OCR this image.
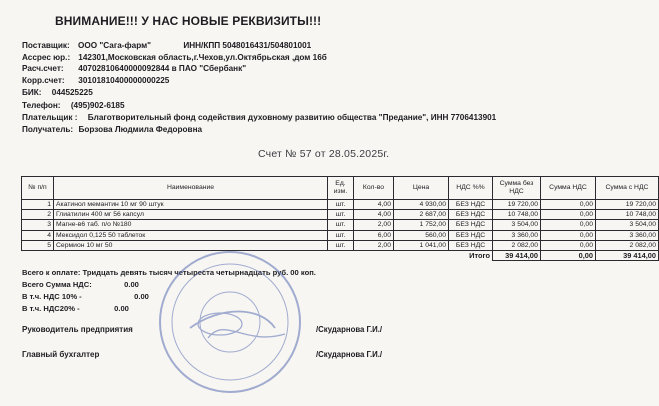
ВНИМАНИЕ!!! У НАС НОВЫЕ РЕКВИЗИТЫ!!!
Поставщик: ООО "Сага-фарм"	ИНН/КПП 5048016431/504801001
Ассрес юр.: 142301,Московская область,г.Чехов,ул.Октябрьская ,дом 16б
Расч.счет: 40702810640000092844 в ПАО "Сбербанк"
Корр.счет: 30101810400000000225
БИК: 044525225
Телефон: (495)902-6185
Плательщик : Благотворительный фонд содействия духовному развитию общества "Предание", ИНН 7706413901
Получатель: Борзова Людмила Федоровна
Счет № 57 от 28.05.2025г.
№ п/п	Наименование	Ед. изм.	Кол-во	Цена	НДС %%	Сумма без НДС	Сумма НДС	Сумма с НДС
1	Акатинол мемантин 10 мг 90 штук	шт.	4,00	4 930,00	БЕЗ НДС	19 720,00	0,00	19 720,00
2	Глиатилин 400 мг 56 капсул	шт.	4,00	2 687,00	БЕЗ НДС	10 748,00	0,00	10 748,00
3	Магне-в6 таб. п/о №180	шт.	2,00	1 752,00	БЕЗ НДС	3 504,00	0,00	3 504,00
4	Мексидол 0,125 50 таблеток	шт.	6,00	560,00	БЕЗ НДС	3 360,00	0,00	3 360,00
5	Сермион 10 мг 50	шт.	2,00	1 041,00	БЕЗ НДС	2 082,00	0,00	2 082,00
					Итого	39 414,00	0,00	39 414,00
Всего к оплате: Тридцать девять тысяч четыреста четырнадцать руб. 00 коп.
Всего Сумма НДС:	0.00
В т.ч. НДС 10% -	0.00
В т.ч. НДС20% -	0.00
Руководитель предприятия	/Скударнова Г.И./
Главный бухгалтер	/Скударнова Г.И./
